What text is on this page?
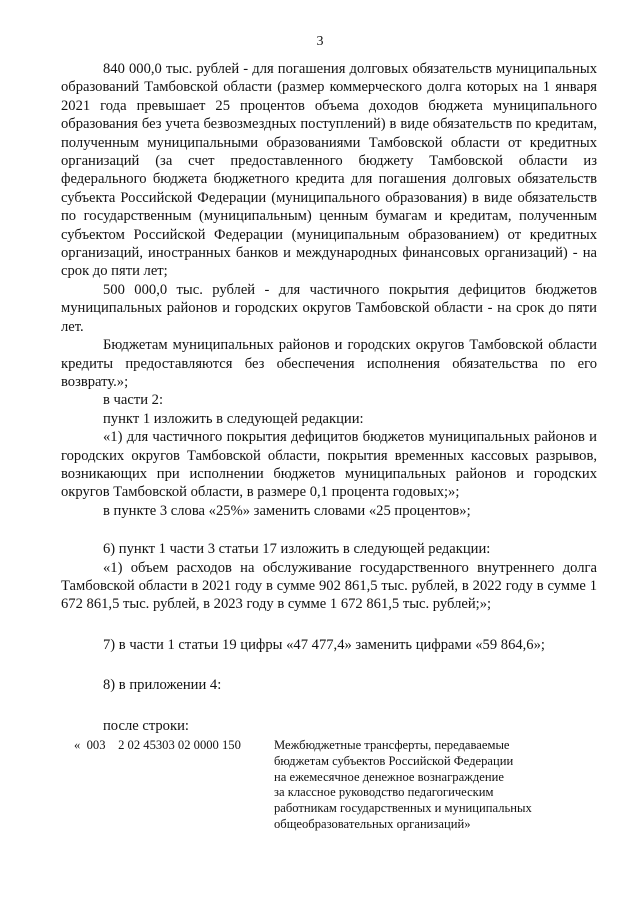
3

840 000,0 тыс. рублей - для погашения долговых обязательств муниципальных образований Тамбовской области (размер коммерческого долга которых на 1 января 2021 года превышает 25 процентов объема доходов бюджета муниципального образования без учета безвозмездных поступлений) в виде обязательств по кредитам, полученным муниципальными образованиями Тамбовской области от кредитных организаций (за счет предоставленного бюджету Тамбовской области из федерального бюджета бюджетного кредита для погашения долговых обязательств субъекта Российской Федерации (муниципального образования) в виде обязательств по государственным (муниципальным) ценным бумагам и кредитам, полученным субъектом Российской Федерации (муниципальным образованием) от кредитных организаций, иностранных банков и международных финансовых организаций) - на срок до пяти лет;

500 000,0 тыс. рублей - для частичного покрытия дефицитов бюджетов муниципальных районов и городских округов Тамбовской области - на срок до пяти лет.

Бюджетам муниципальных районов и городских округов Тамбовской области кредиты предоставляются без обеспечения исполнения обязательства по его возврату.»;

в части 2:

пункт 1 изложить в следующей редакции:

«1) для частичного покрытия дефицитов бюджетов муниципальных районов и городских округов Тамбовской области, покрытия временных кассовых разрывов, возникающих при исполнении бюджетов муниципальных районов и городских округов Тамбовской области, в размере 0,1 процента годовых;»;

в пункте 3 слова «25%» заменить словами «25 процентов»;

6) пункт 1 части 3 статьи 17 изложить в следующей редакции:

«1) объем расходов на обслуживание государственного внутреннего долга Тамбовской области в 2021 году в сумме 902 861,5 тыс. рублей, в 2022 году в сумме 1 672 861,5 тыс. рублей, в 2023 году в сумме 1 672 861,5 тыс. рублей;»;

7) в части 1 статьи 19 цифры «47 477,4» заменить цифрами «59 864,6»;

8) в приложении 4:

после строки:

«  003    2 02 45303 02 0000 150	Межбюджетные трансферты, передаваемые
бюджетам субъектов Российской Федерации
на ежемесячное денежное вознаграждение
за классное руководство педагогическим
работникам государственных и муниципальных
общеобразовательных организаций»
